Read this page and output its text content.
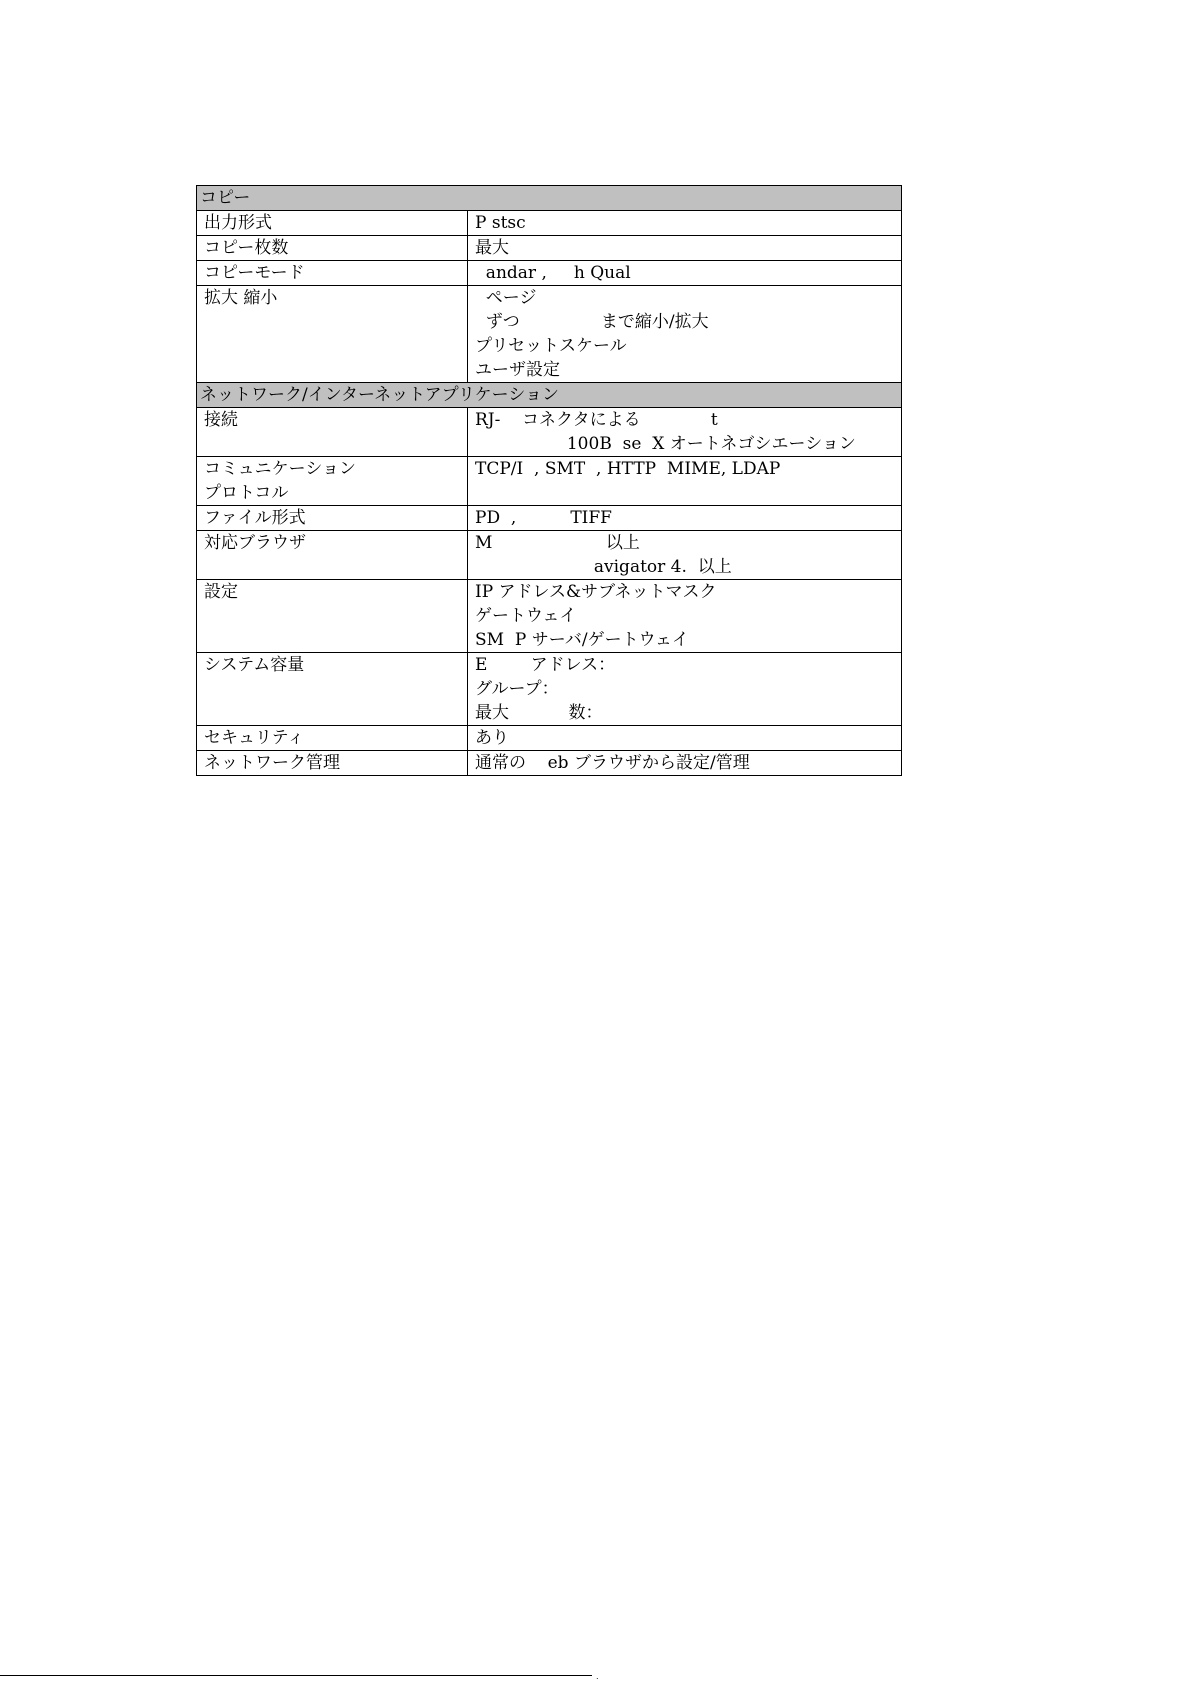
コピー	

出力形式	P stsc

コピー枚数	最大

コピーモード	andar ,     h Qual

拡大 縮小	ページ
ずつ               まで縮小/拡大
プリセットスケール
ユーザ設定

ネットワーク/インターネットアプリケーション	

接続	RJ-    コネクタによる             t
100B  se  X オートネゴシエーション

コミュニケーション
プロトコル	TCP/I  , SMT  , HTTP  MIME, LDAP

ファイル形式	PD  ,          TIFF

対応ブラウザ	M                     以上
avigator 4.  以上

設定	IP アドレス&サブネットマスク
ゲートウェイ
SM  P サーバ/ゲートウェイ

システム容量	E        アドレス：
グループ：
最大           数：

セキュリティ	あり

ネットワーク管理	通常の    eb ブラウザから設定/管理
.
